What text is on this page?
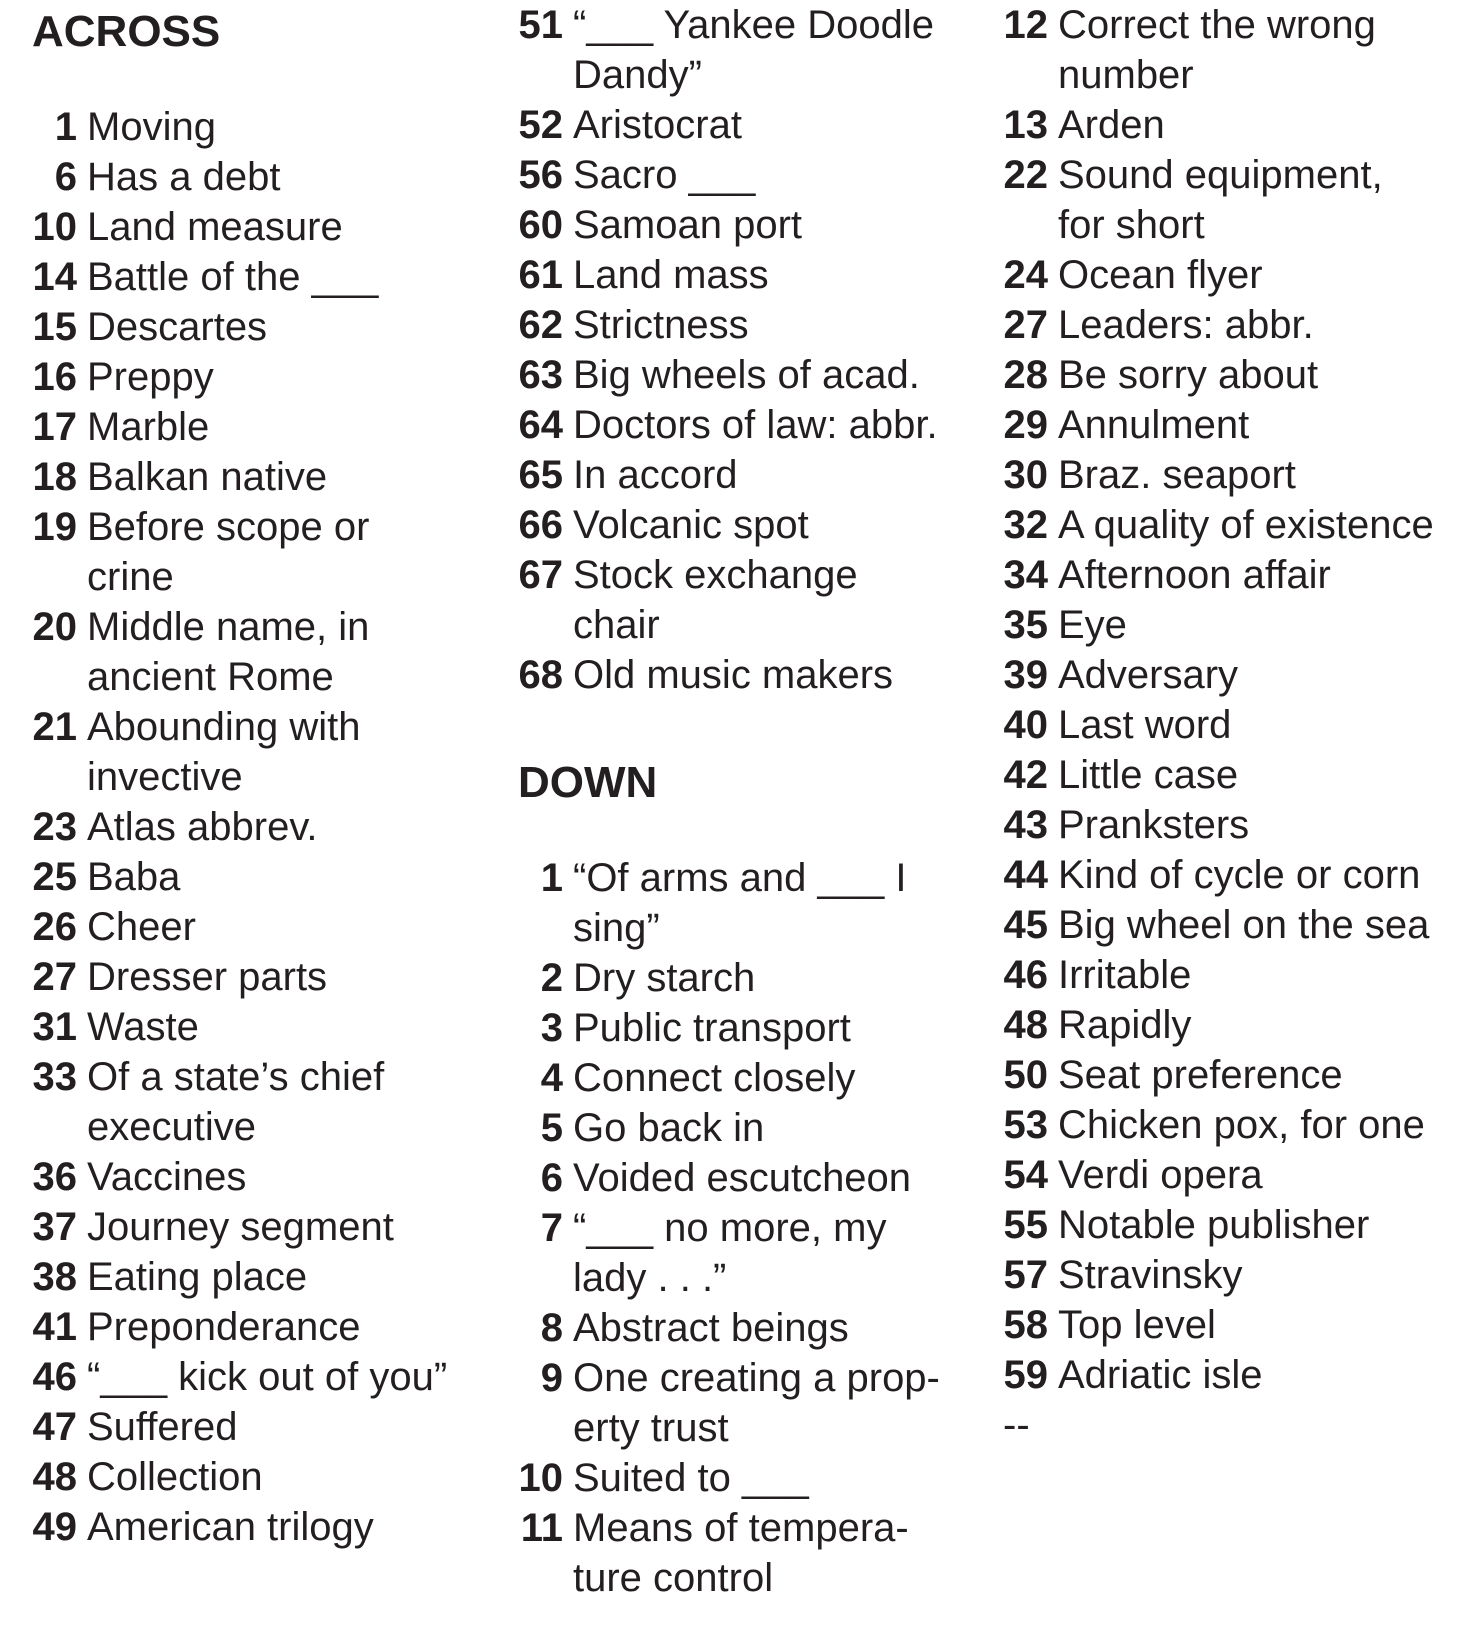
ACROSS
1 Moving
6 Has a debt
10 Land measure
14 Battle of the ___
15 Descartes
16 Preppy
17 Marble
18 Balkan native
19 Before scope or
crine
20 Middle name, in
ancient Rome
21 Abounding with
invective
23 Atlas abbrev.
25 Baba
26 Cheer
27 Dresser parts
31 Waste
33 Of a state’s chief
executive
36 Vaccines
37 Journey segment
38 Eating place
41 Preponderance
46 “___ kick out of you”
47 Suffered
48 Collection
49 American trilogy
51 “___ Yankee Doodle
Dandy”
52 Aristocrat
56 Sacro ___
60 Samoan port
61 Land mass
62 Strictness
63 Big wheels of acad.
64 Doctors of law: abbr.
65 In accord
66 Volcanic spot
67 Stock exchange
chair
68 Old music makers
DOWN
1 “Of arms and ___ I
sing”
2 Dry starch
3 Public transport
4 Connect closely
5 Go back in
6 Voided escutcheon
7 “___ no more, my
lady . . .”
8 Abstract beings
9 One creating a prop-
erty trust
10 Suited to ___
11 Means of tempera-
ture control
12 Correct the wrong
number
13 Arden
22 Sound equipment,
for short
24 Ocean flyer
27 Leaders: abbr.
28 Be sorry about
29 Annulment
30 Braz. seaport
32 A quality of existence
34 Afternoon affair
35 Eye
39 Adversary
40 Last word
42 Little case
43 Pranksters
44 Kind of cycle or corn
45 Big wheel on the sea
46 Irritable
48 Rapidly
50 Seat preference
53 Chicken pox, for one
54 Verdi opera
55 Notable publisher
57 Stravinsky
58 Top level
59 Adriatic isle
--
